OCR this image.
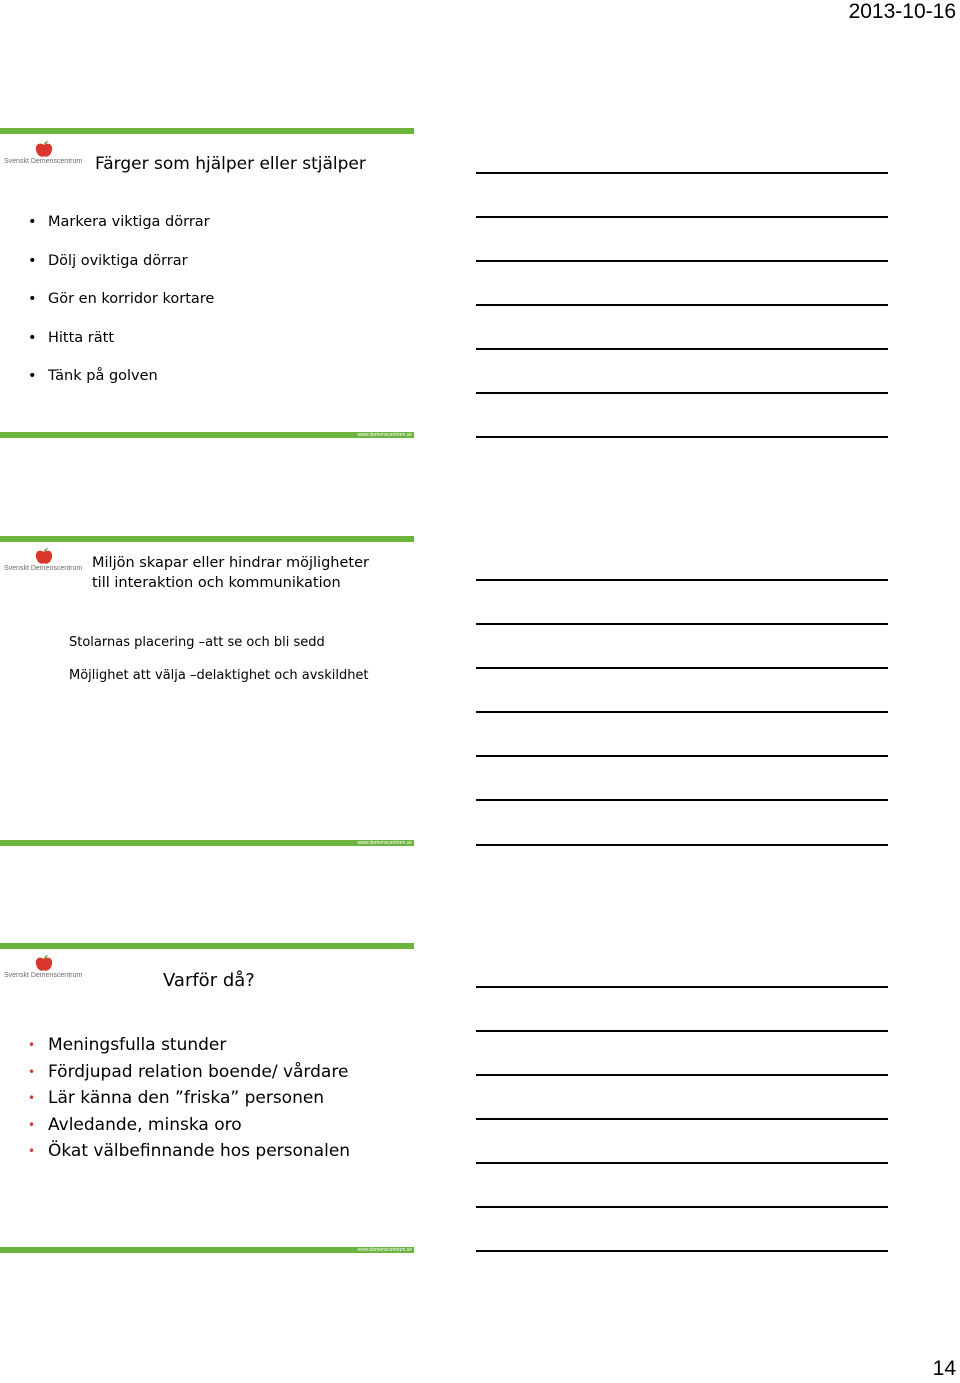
2013-10-16
Svenskt Demenscentrum Färger som hjälper eller stjälper
• Markera viktiga dörrar
• Dölj oviktiga dörrar
• Gör en korridor kortare
• Hitta rätt
• Tänk på golven
www.demenscentrum.se
Svenskt Demenscentrum Miljön skapar eller hindrar möjligheter
till interaktion och kommunikation
Stolarnas placering –att se och bli sedd
Möjlighet att välja –delaktighet och avskildhet
www.demenscentrum.se
Svenskt Demenscentrum	Varför då?
• Meningsfulla stunder
• Fördjupad relation boende/ vårdare
• Lär känna den ”friska” personen
• Avledande, minska oro
• Ökat välbefinnande hos personalen
www.demenscentrum.se
14
